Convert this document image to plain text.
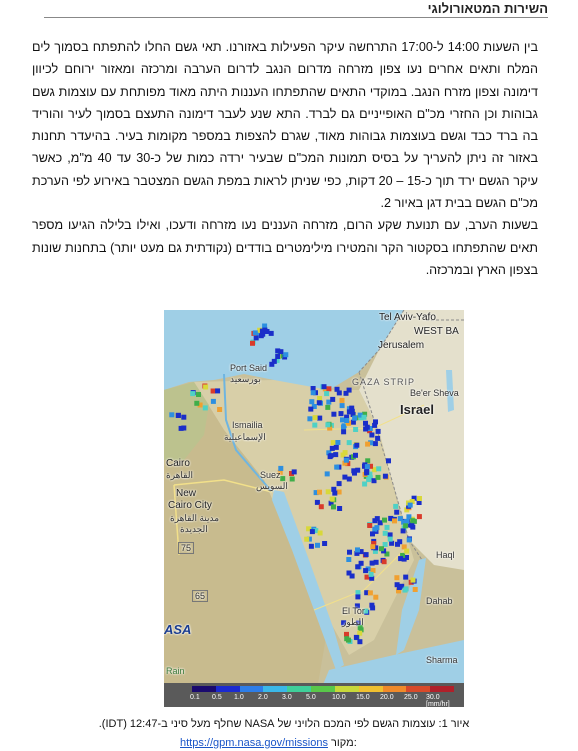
השירות המטאורולוגי

בין השעות 14:00 ל-17:00 התרחשה עיקר הפעילות באזורנו. תאי גשם החלו להתפתח בסמוך לים המלח ותאים אחרים נעו צפון מזרחה מדרום הנגב לדרום הערבה ומרכזה ומאזור ירוחם לכיוון דימונה וצפון מזרח הנגב. במוקדי התאים שהתפתחו העננות היתה מאוד מפותחת עם עוצמות גשם גבוהות וכן החזרי מכ"ם האופייניים גם לברד. התא שנע לעבר דימונה התעצם בסמוך לעיר והוריד בה ברד כבד וגשם בעוצמות גבוהות מאוד, שגרם להצפות במספר מקומות בעיר. בהיעדר תחנות באזור זה ניתן להעריך על בסיס תמונות המכ"ם שבעיר ירדה כמות של כ-30 עד 40 מ"מ, כאשר עיקר הגשם ירד תוך כ-15 – 20 דקות, כפי שניתן לראות במפת הגשם המצטבר באירוע לפי הערכת מכ"ם הגשם בבית דגן באיור 2.

בשעות הערב, עם תנועת שקע הרום, מזרחה העננים נעו מזרחה ודעכו, ואילו בלילה הגיעו מספר תאים שהתפתחו בסקטור הקר והמטירו מילימטרים בודדים (נקודתית גם מעט יותר) בתחנות שונות בצפון הארץ ובמרכזה.

Tel Aviv-Yafo
WEST BA
Jerusalem
GAZA STRIP
Be'er Sheva
Israel
Port Said
بورسعيد
Ismailia
الإسماعيلية
Suez
السويس
Cairo
القاهرة
New
Cairo City
مدينة القاهرة
الجديدة
75
65
El Tor
الطور
Dahab
Haql
Sharma
ASA
Rain
0.1 0.5 1.0 2.0 3.0 5.0 10.0 15.0 20.0 25.0 30.0 [mm/hr]
איור 1: עוצמות הגשם לפי המכם הלויני של NASA שחלף מעל סיני ב-12:47 (IDT).
https://gpm.nasa.gov/missions מקור:
